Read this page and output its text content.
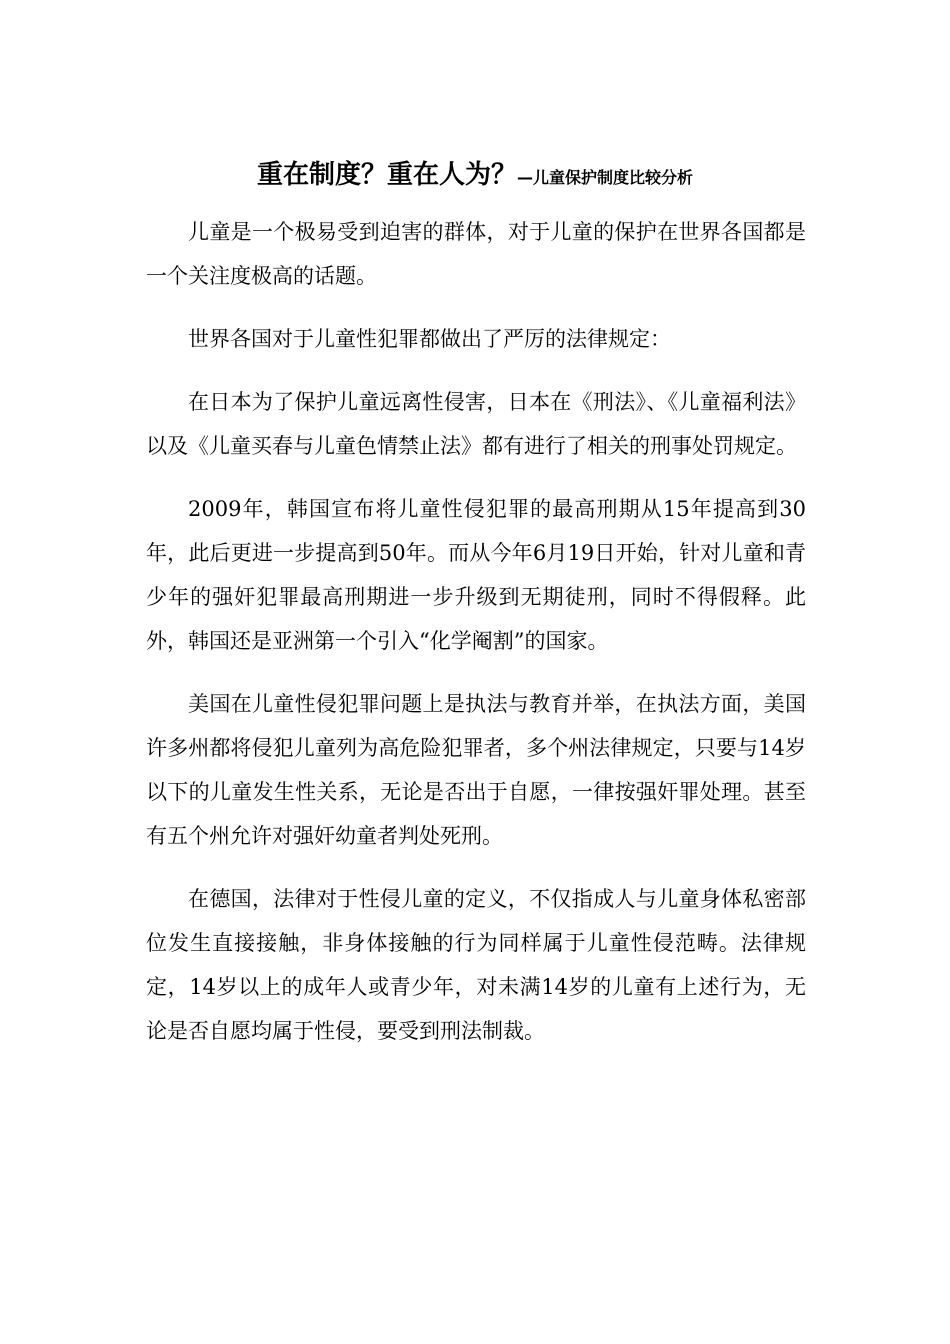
重在制度？重在人为？—儿童保护制度比较分析

儿童是一个极易受到迫害的群体，对于儿童的保护在世界各国都是一个关注度极高的话题。

世界各国对于儿童性犯罪都做出了严厉的法律规定：

在日本为了保护儿童远离性侵害，日本在《刑法》、《儿童福利法》以及《儿童买春与儿童色情禁止法》都有进行了相关的刑事处罚规定。

2009年，韩国宣布将儿童性侵犯罪的最高刑期从15年提高到30年，此后更进一步提高到50年。而从今年6月19日开始，针对儿童和青少年的强奸犯罪最高刑期进一步升级到无期徒刑，同时不得假释。此外，韩国还是亚洲第一个引入“化学阉割”的国家。

美国在儿童性侵犯罪问题上是执法与教育并举，在执法方面，美国许多州都将侵犯儿童列为高危险犯罪者，多个州法律规定，只要与14岁以下的儿童发生性关系，无论是否出于自愿，一律按强奸罪处理。甚至有五个州允许对强奸幼童者判处死刑。

在德国，法律对于性侵儿童的定义，不仅指成人与儿童身体私密部位发生直接接触，非身体接触的行为同样属于儿童性侵范畴。法律规定，14岁以上的成年人或青少年，对未满14岁的儿童有上述行为，无论是否自愿均属于性侵，要受到刑法制裁。
